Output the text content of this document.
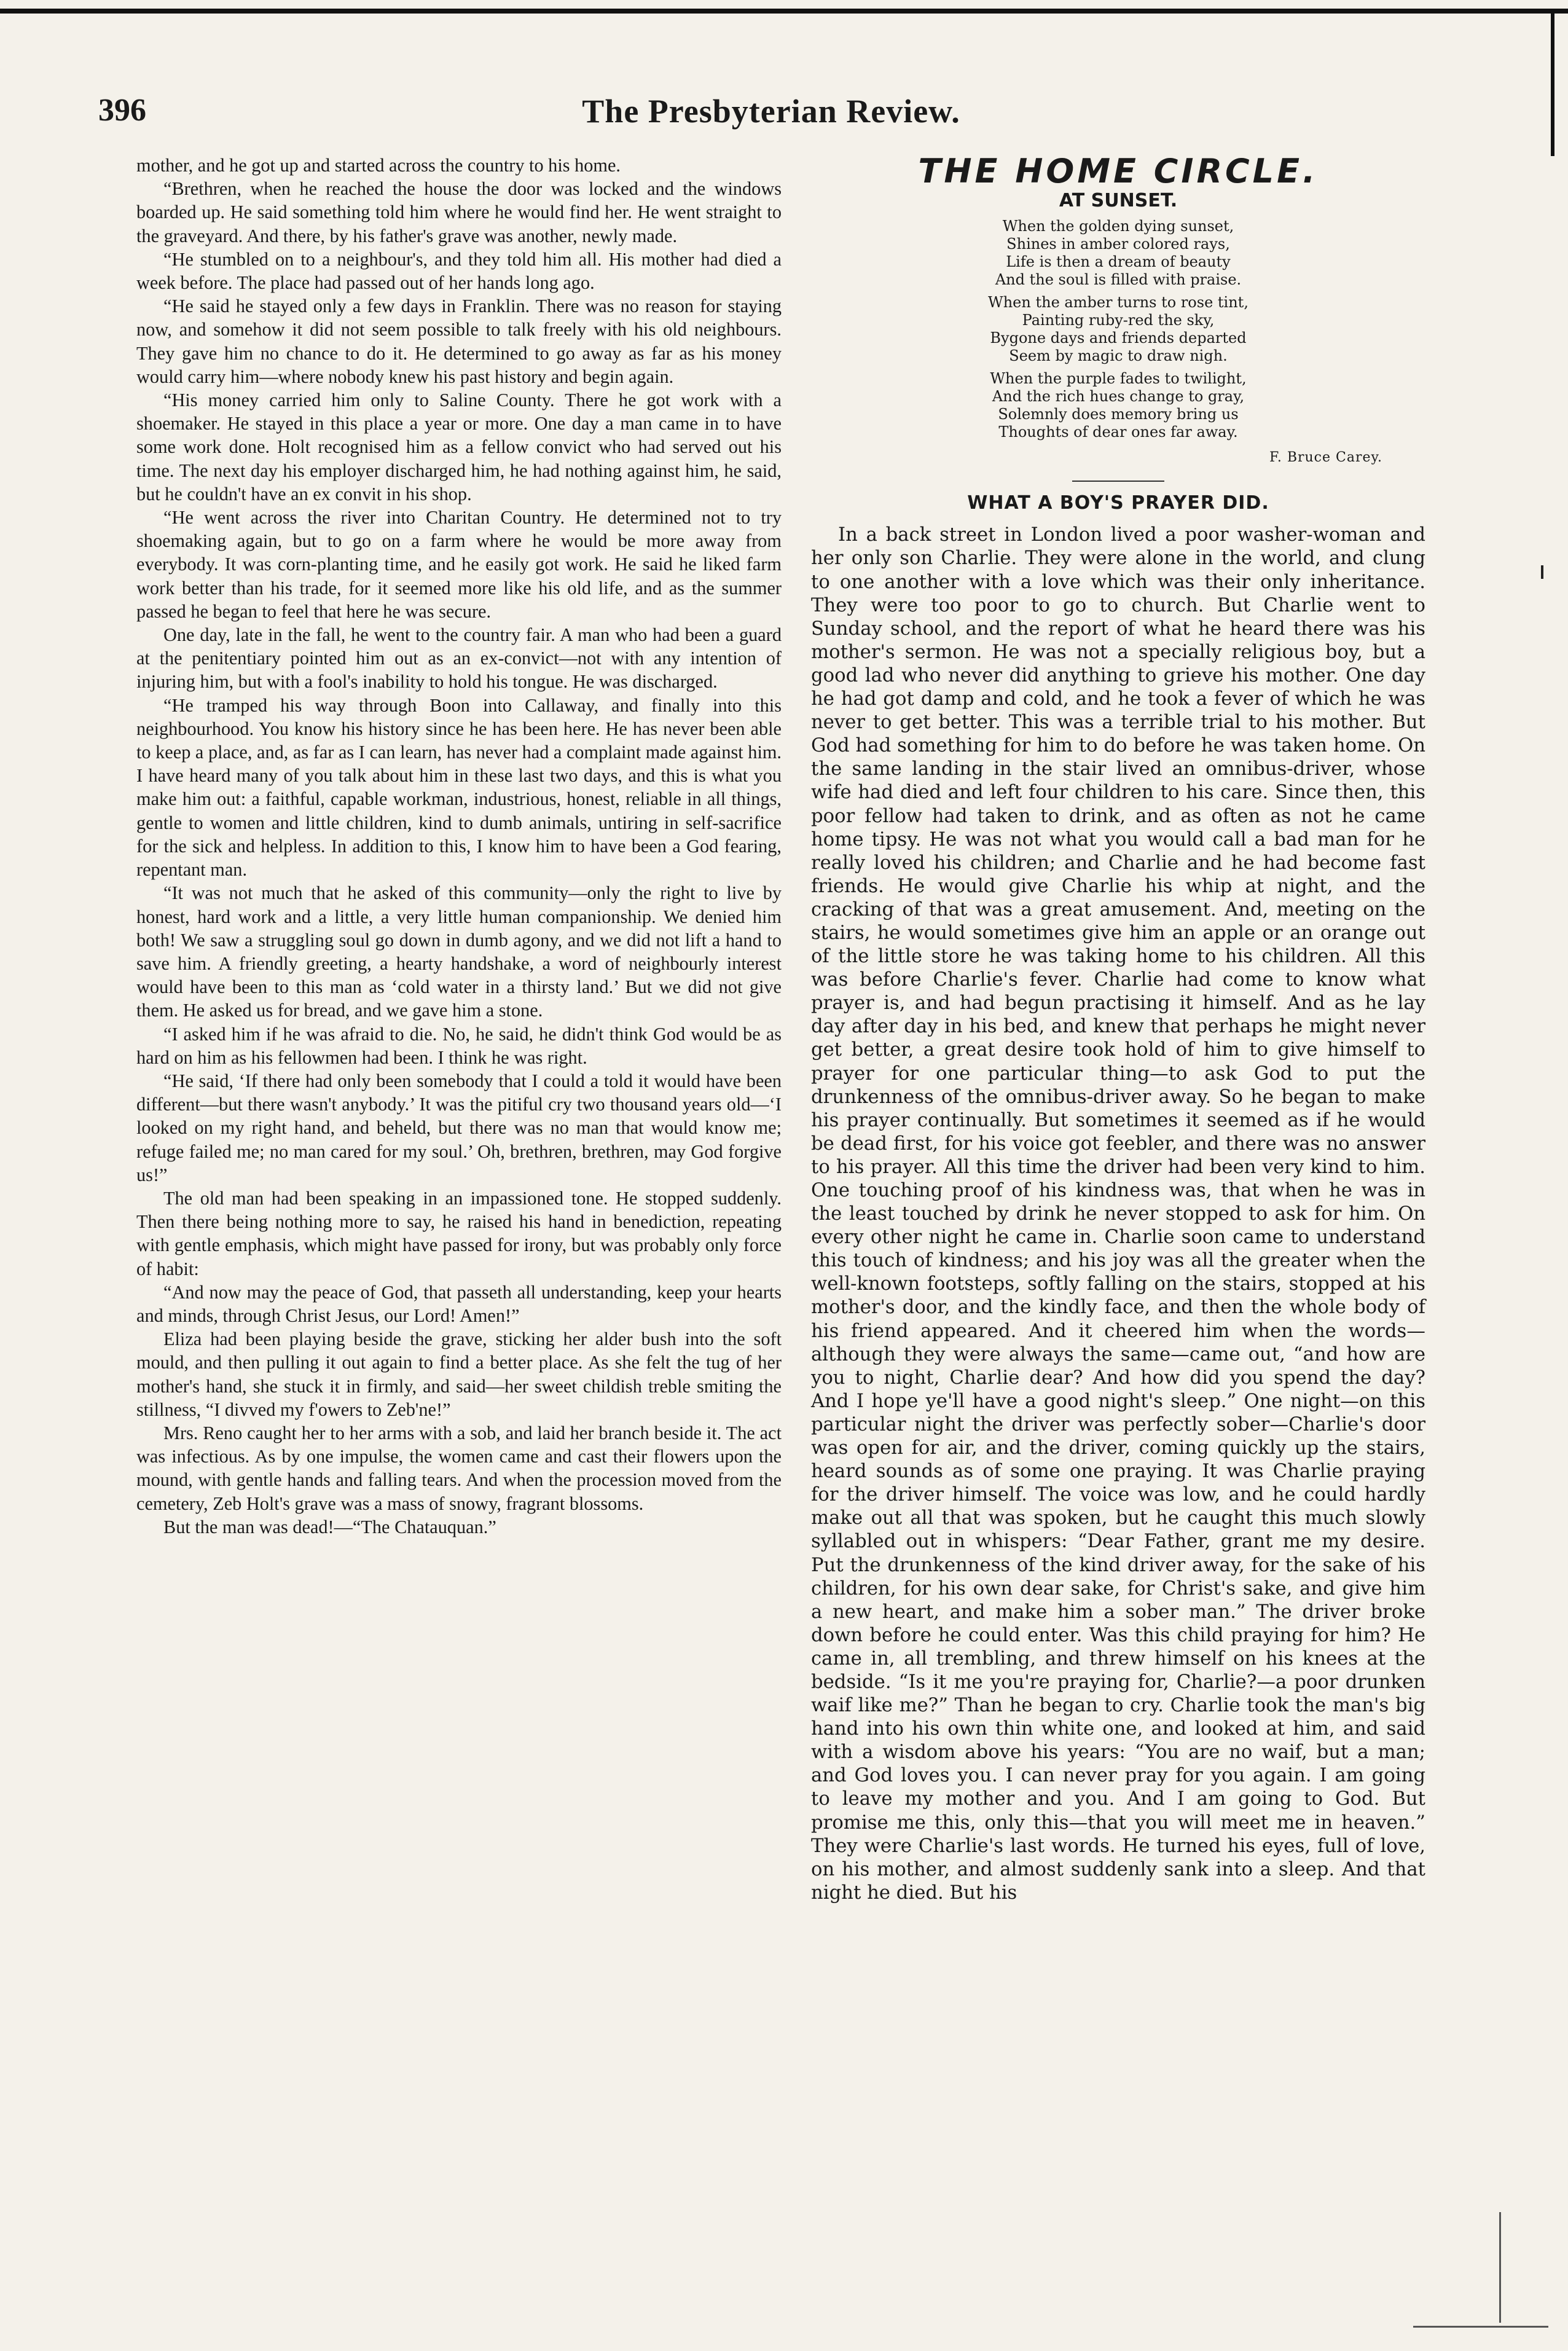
396	The Presbyterian Review.

mother, and he got up and started across the country to his home.

“Brethren, when he reached the house the door was locked and the windows boarded up. He said something told him where he would find her. He went straight to the graveyard. And there, by his father's grave was another, newly made.

“He stumbled on to a neighbour's, and they told him all. His mother had died a week before. The place had passed out of her hands long ago.

“He said he stayed only a few days in Franklin. There was no reason for staying now, and somehow it did not seem possible to talk freely with his old neighbours. They gave him no chance to do it. He determined to go away as far as his money would carry him—where nobody knew his past history and begin again.

“His money carried him only to Saline County. There he got work with a shoemaker. He stayed in this place a year or more. One day a man came in to have some work done. Holt recognised him as a fellow convict who had served out his time. The next day his employer discharged him, he had nothing against him, he said, but he couldn't have an ex convit in his shop.

“He went across the river into Charitan Country. He determined not to try shoemaking again, but to go on a farm where he would be more away from everybody. It was corn-planting time, and he easily got work. He said he liked farm work better than his trade, for it seemed more like his old life, and as the summer passed he began to feel that here he was secure.

One day, late in the fall, he went to the country fair. A man who had been a guard at the penitentiary pointed him out as an ex-convict—not with any intention of injuring him, but with a fool's inability to hold his tongue. He was discharged.

“He tramped his way through Boon into Callaway, and finally into this neighbourhood. You know his history since he has been here. He has never been able to keep a place, and, as far as I can learn, has never had a complaint made against him. I have heard many of you talk about him in these last two days, and this is what you make him out: a faithful, capable workman, industrious, honest, reliable in all things, gentle to women and little children, kind to dumb animals, untiring in self-sacrifice for the sick and helpless. In addition to this, I know him to have been a God fearing, repentant man.

“It was not much that he asked of this community—only the right to live by honest, hard work and a little, a very little human companionship. We denied him both! We saw a struggling soul go down in dumb agony, and we did not lift a hand to save him. A friendly greeting, a hearty handshake, a word of neighbourly interest would have been to this man as ‘cold water in a thirsty land.’ But we did not give them. He asked us for bread, and we gave him a stone.

“I asked him if he was afraid to die. No, he said, he didn't think God would be as hard on him as his fellowmen had been. I think he was right.

“He said, ‘If there had only been somebody that I could a told it would have been different—but there wasn't anybody.’ It was the pitiful cry two thousand years old—‘I looked on my right hand, and beheld, but there was no man that would know me; refuge failed me; no man cared for my soul.’ Oh, brethren, brethren, may God forgive us!”

The old man had been speaking in an impassioned tone. He stopped suddenly. Then there being nothing more to say, he raised his hand in benediction, repeating with gentle emphasis, which might have passed for irony, but was probably only force of habit:

“And now may the peace of God, that passeth all understanding, keep your hearts and minds, through Christ Jesus, our Lord! Amen!”

Eliza had been playing beside the grave, sticking her alder bush into the soft mould, and then pulling it out again to find a better place. As she felt the tug of her mother's hand, she stuck it in firmly, and said—her sweet childish treble smiting the stillness, “I divved my f'owers to Zeb'ne!”

Mrs. Reno caught her to her arms with a sob, and laid her branch beside it. The act was infectious. As by one impulse, the women came and cast their flowers upon the mound, with gentle hands and falling tears. And when the procession moved from the cemetery, Zeb Holt's grave was a mass of snowy, fragrant blossoms.

But the man was dead!—“The Chatauquan.”

THE HOME CIRCLE.
AT SUNSET.
When the golden dying sunset,
Shines in amber colored rays,
Life is then a dream of beauty
And the soul is filled with praise.
When the amber turns to rose tint,
Painting ruby-red the sky,
Bygone days and friends departed
Seem by magic to draw nigh.
When the purple fades to twilight,
And the rich hues change to gray,
Solemnly does memory bring us
Thoughts of dear ones far away.
F. Bruce Carey.
WHAT A BOY'S PRAYER DID.

In a back street in London lived a poor washer-woman and her only son Charlie. They were alone in the world, and clung to one another with a love which was their only inheritance. They were too poor to go to church. But Charlie went to Sunday school, and the report of what he heard there was his mother's sermon. He was not a specially religious boy, but a good lad who never did anything to grieve his mother. One day he had got damp and cold, and he took a fever of which he was never to get better. This was a terrible trial to his mother. But God had something for him to do before he was taken home. On the same landing in the stair lived an omnibus-driver, whose wife had died and left four children to his care. Since then, this poor fellow had taken to drink, and as often as not he came home tipsy. He was not what you would call a bad man for he really loved his children; and Charlie and he had become fast friends. He would give Charlie his whip at night, and the cracking of that was a great amusement. And, meeting on the stairs, he would sometimes give him an apple or an orange out of the little store he was taking home to his children. All this was before Charlie's fever. Charlie had come to know what prayer is, and had begun practising it himself. And as he lay day after day in his bed, and knew that perhaps he might never get better, a great desire took hold of him to give himself to prayer for one particular thing—to ask God to put the drunkenness of the omnibus-driver away. So he began to make his prayer continually. But sometimes it seemed as if he would be dead first, for his voice got feebler, and there was no answer to his prayer. All this time the driver had been very kind to him. One touching proof of his kindness was, that when he was in the least touched by drink he never stopped to ask for him. On every other night he came in. Charlie soon came to understand this touch of kindness; and his joy was all the greater when the well-known footsteps, softly falling on the stairs, stopped at his mother's door, and the kindly face, and then the whole body of his friend appeared. And it cheered him when the words—although they were always the same—came out, “and how are you to night, Charlie dear? And how did you spend the day? And I hope ye'll have a good night's sleep.” One night—on this particular night the driver was perfectly sober—Charlie's door was open for air, and the driver, coming quickly up the stairs, heard sounds as of some one praying. It was Charlie praying for the driver himself. The voice was low, and he could hardly make out all that was spoken, but he caught this much slowly syllabled out in whispers: “Dear Father, grant me my desire. Put the drunkenness of the kind driver away, for the sake of his children, for his own dear sake, for Christ's sake, and give him a new heart, and make him a sober man.” The driver broke down before he could enter. Was this child praying for him? He came in, all trembling, and threw himself on his knees at the bedside. “Is it me you're praying for, Charlie?—a poor drunken waif like me?” Than he began to cry. Charlie took the man's big hand into his own thin white one, and looked at him, and said with a wisdom above his years: “You are no waif, but a man; and God loves you. I can never pray for you again. I am going to leave my mother and you. And I am going to God. But promise me this, only this—that you will meet me in heaven.” They were Charlie's last words. He turned his eyes, full of love, on his mother, and almost suddenly sank into a sleep. And that night he died. But his
